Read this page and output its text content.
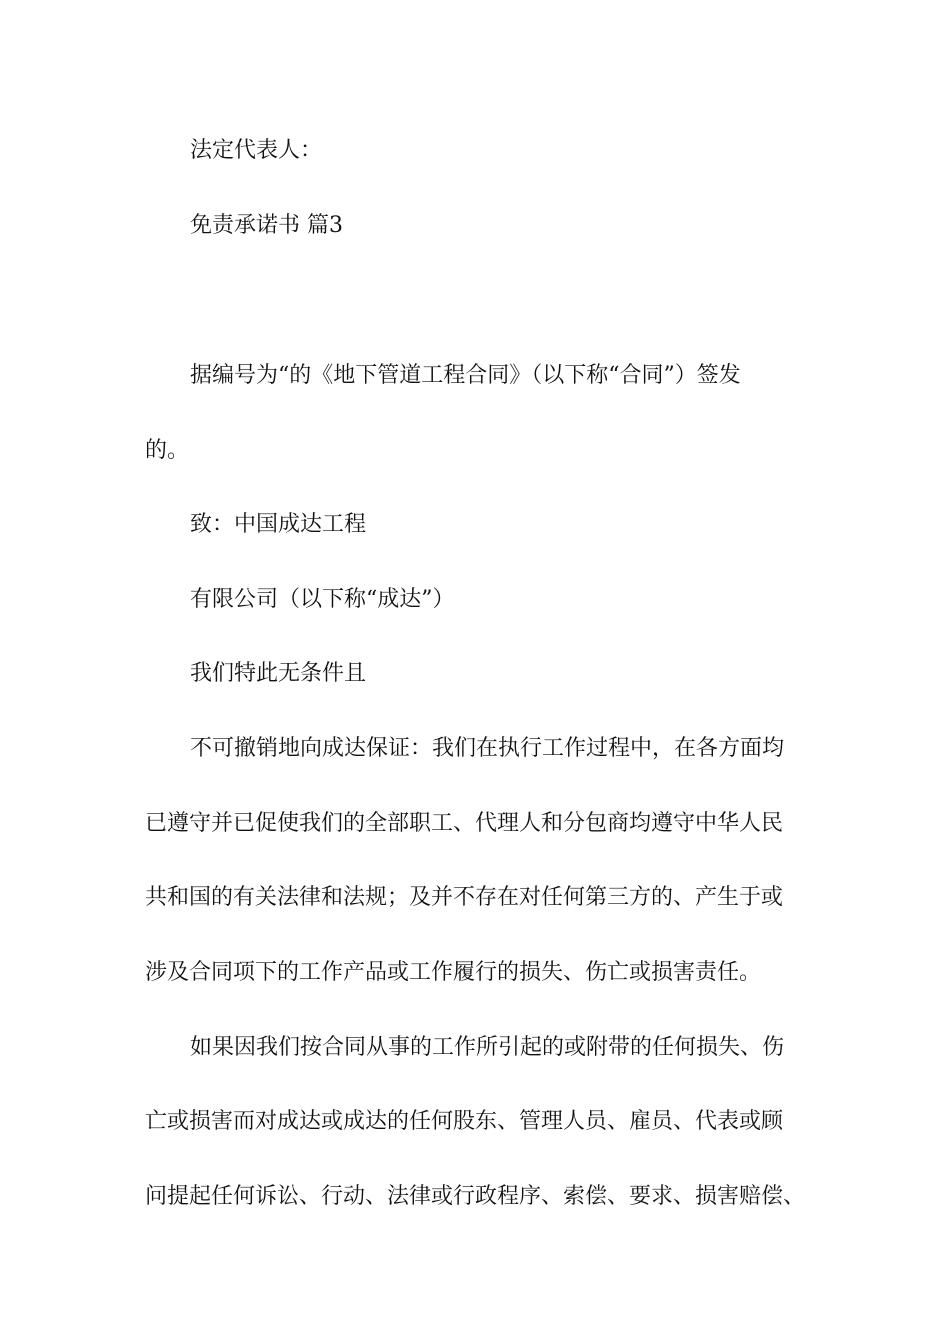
法定代表人：
免责承诺书 篇3
据编号为“的《地下管道工程合同》（以下称“合同”）签发
的。
致：中国成达工程
有限公司（以下称“成达”）
我们特此无条件且
不可撤销地向成达保证：我们在执行工作过程中，在各方面均
已遵守并已促使我们的全部职工、代理人和分包商均遵守中华人民
共和国的有关法律和法规；及并不存在对任何第三方的、产生于或
涉及合同项下的工作产品或工作履行的损失、伤亡或损害责任。
如果因我们按合同从事的工作所引起的或附带的任何损失、伤
亡或损害而对成达或成达的任何股东、管理人员、雇员、代表或顾
问提起任何诉讼、行动、法律或行政程序、索偿、要求、损害赔偿、
